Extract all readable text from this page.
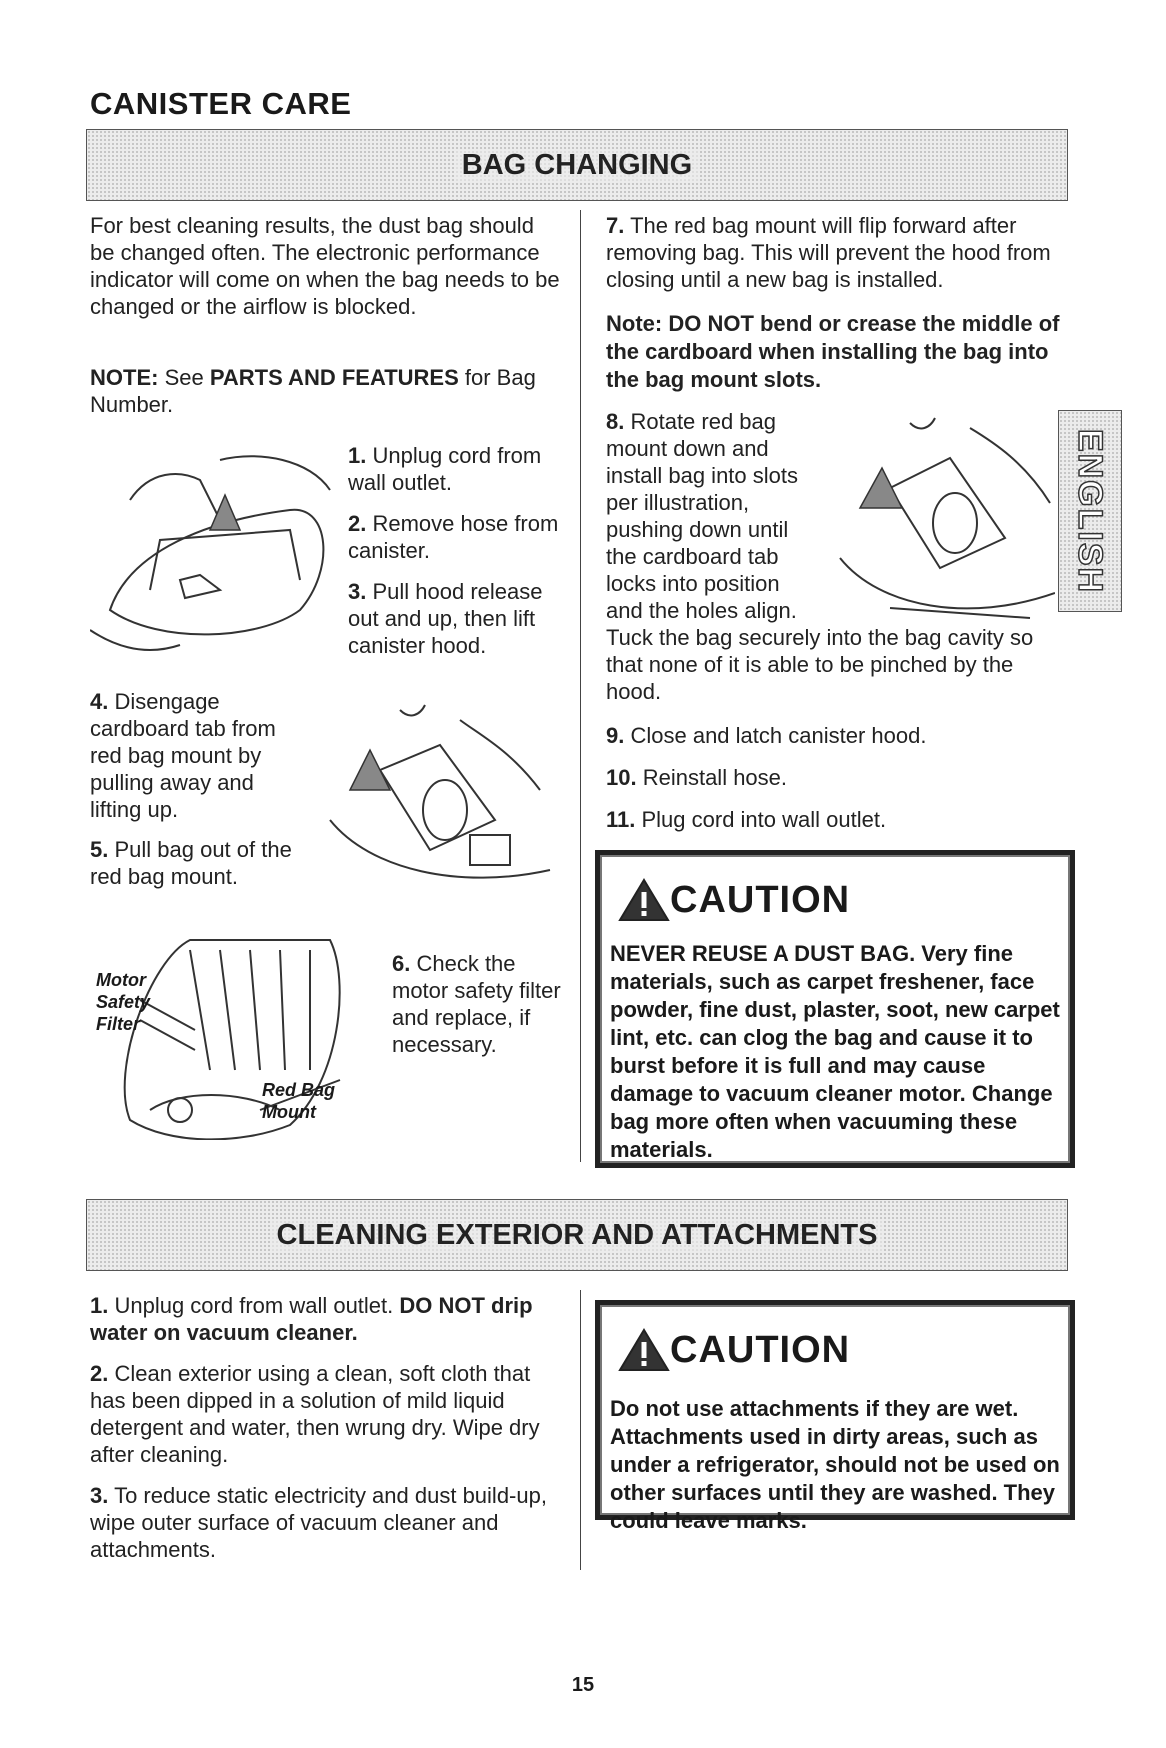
CANISTER CARE
BAG CHANGING
For best cleaning results, the dust bag should be changed often. The electronic performance indicator will come on when the bag needs to be changed or the airflow is blocked.
NOTE: See PARTS AND FEATURES for Bag Number.
1. Unplug cord from wall outlet.
2. Remove hose from canister.
3. Pull hood release out and up, then lift canister hood.
4. Disengage cardboard tab from red bag mount by pulling away and lifting up.
5. Pull bag out of the red bag mount.
Motor
Safety
Filter
Red Bag
Mount
6. Check the motor safety filter and replace, if necessary.
7. The red bag mount will flip forward after removing bag. This will prevent the hood from closing until a new bag is installed.
Note: DO NOT bend or crease the middle of the cardboard when installing the bag into the bag mount slots.
8. Rotate red bag mount down and install bag into slots per illustration, pushing down until the cardboard tab locks into position and the holes align.
Tuck the bag securely into the bag cavity so that none of it is able to be pinched by the hood.
9. Close and latch canister hood.
10. Reinstall hose.
11. Plug cord into wall outlet.
CAUTION
NEVER REUSE A DUST BAG. Very fine materials, such as carpet freshener, face powder, fine dust, plaster, soot, new carpet lint, etc. can clog the bag and cause it to burst before it is full and may cause damage to vacuum cleaner motor. Change bag more often when vacuuming these materials.
ENGLISH
CLEANING EXTERIOR AND ATTACHMENTS
1. Unplug cord from wall outlet. DO NOT drip water on vacuum cleaner.
2. Clean exterior using a clean, soft cloth that has been dipped in a solution of mild liquid detergent and water, then wrung dry. Wipe dry after cleaning.
3. To reduce static electricity and dust build-up, wipe outer surface of vacuum cleaner and attachments.
CAUTION
Do not use attachments if they are wet. Attachments used in dirty areas, such as under a refrigerator, should not be used on other surfaces until they are washed. They could leave marks.
15
